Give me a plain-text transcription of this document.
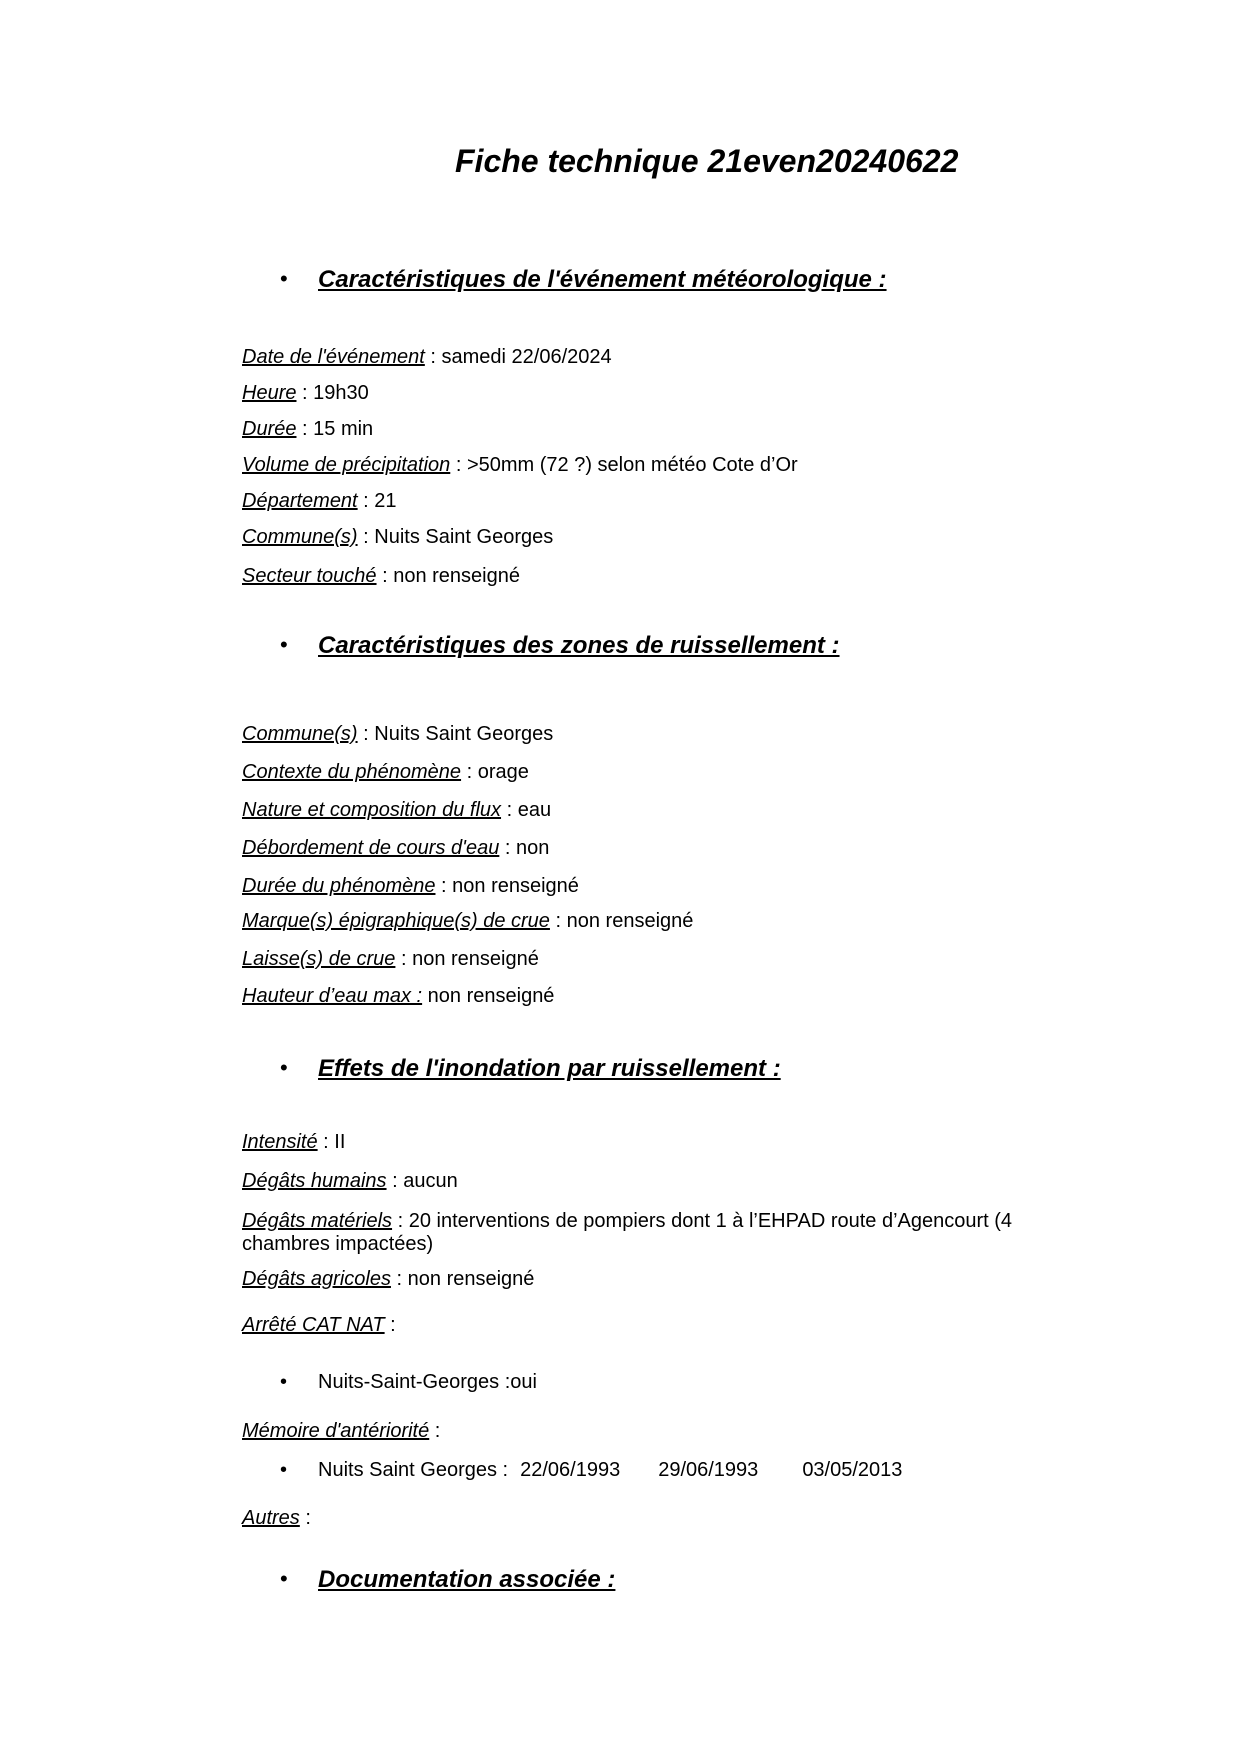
Fiche technique 21even20240622
• Caractéristiques de l'événement météorologique :
Date de l'événement : samedi 22/06/2024
Heure : 19h30
Durée : 15 min
Volume de précipitation : >50mm (72 ?) selon météo Cote d’Or
Département : 21
Commune(s) : Nuits Saint Georges
Secteur touché : non renseigné
• Caractéristiques des zones de ruissellement :
Commune(s) : Nuits Saint Georges
Contexte du phénomène : orage
Nature et composition du flux : eau
Débordement de cours d'eau : non
Durée du phénomène : non renseigné
Marque(s) épigraphique(s) de crue : non renseigné
Laisse(s) de crue : non renseigné
Hauteur d’eau max : non renseigné
• Effets de l'inondation par ruissellement :
Intensité : II
Dégâts humains : aucun
Dégâts matériels : 20 interventions de pompiers dont 1 à l’EHPAD route d’Agencourt (4 chambres impactées)
Dégâts agricoles : non renseigné
Arrêté CAT NAT :
• Nuits-Saint-Georges :oui
Mémoire d'antériorité :
• Nuits Saint Georges : 22/06/1993 29/06/1993 03/05/2013
Autres :
• Documentation associée :
